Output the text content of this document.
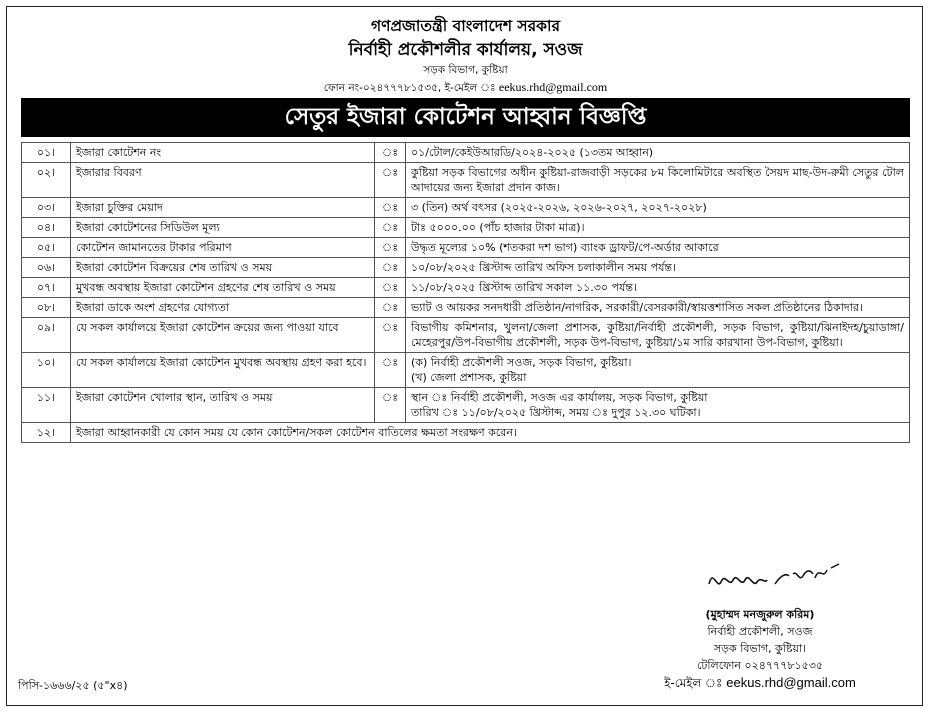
গণপ্রজাতন্ত্রী বাংলাদেশ সরকার
নির্বাহী প্রকৌশলীর কার্যালয়, সওজ
সড়ক বিভাগ, কুষ্টিয়া
ফোন নং-০২৪৭৭৭৮১৫৩৫, ই-মেইল ঃ eekus.rhd@gmail.com
সেতুর ইজারা কোটেশন আহ্বান বিজ্ঞপ্তি
০১।	ইজারা কোটেশন নং	ঃ	০১/টোল/কেইউআরডি/২০২৪-২০২৫ (১৩তম আহ্বান)

০২।	ইজারার বিবরণ	ঃ	কুষ্টিয়া সড়ক বিভাগের অধীন কুষ্টিয়া-রাজবাড়ী সড়কের ৮ম কিলোমিটারে অবস্থিত সৈয়দ মাছ-উদ-রুমী সেতুর টোল আদায়ের জন্য ইজারা প্রদান কাজ।

০৩।	ইজারা চুক্তির মেয়াদ	ঃ	৩ (তিন) অর্থ বৎসর (২০২৫-২০২৬, ২০২৬-২০২৭, ২০২৭-২০২৮)

০৪।	ইজারা কোটেশনের সিডিউল মূল্য	ঃ	টাঃ ৫০০০.০০ (পাঁচ হাজার টাকা মাত্র)।

০৫।	কোটেশন জামানতের টাকার পরিমাণ	ঃ	উদ্ধৃত মূল্যের ১০% (শতকরা দশ ভাগ) ব্যাংক ড্রাফট/পে-অর্ডার আকারে

০৬।	ইজারা কোটেশন বিক্রয়ের শেষ তারিখ ও সময়	ঃ	১০/০৮/২০২৫ খ্রিস্টাব্দ তারিখ অফিস চলাকালীন সময় পর্যন্ত।

০৭।	মুখবন্ধ অবস্থায় ইজারা কোটেশন গ্রহণের শেষ তারিখ ও সময়	ঃ	১১/০৮/২০২৫ খ্রিস্টাব্দ তারিখ সকাল ১১.৩০ পর্যন্ত।

০৮।	ইজারা ডাকে অংশ গ্রহণের যোগ্যতা	ঃ	ভ্যাট ও আয়কর সনদধারী প্রতিষ্ঠান/নাগরিক, সরকারী/বেসরকারী/স্বায়ত্তশাসিত সকল প্রতিষ্ঠানের ঠিকাদার।

০৯।	যে সকল কার্যালয়ে ইজারা কোটেশন ক্রয়ের জন্য পাওয়া যাবে	ঃ	বিভাগীয় কমিশনার, খুলনা/জেলা প্রশাসক, কুষ্টিয়া/নির্বাহী প্রকৌশলী, সড়ক বিভাগ, কুষ্টিয়া/ঝিনাইদহ/চুয়াডাঙ্গা/মেহেরপুর/উপ-বিভাগীয় প্রকৌশলী, সড়ক উপ-বিভাগ, কুষ্টিয়া/১ম সারি কারখানা উপ-বিভাগ, কুষ্টিয়া।

১০।	যে সকল কার্যালয়ে ইজারা কোটেশন মুখবন্ধ অবস্থায় গ্রহণ করা হবে।	ঃ	(ক) নির্বাহী প্রকৌশলী সওজ, সড়ক বিভাগ, কুষ্টিয়া।
(খ) জেলা প্রশাসক, কুষ্টিয়া

১১।	ইজারা কোটেশন খোলার স্থান, তারিখ ও সময়	ঃ	স্থান ঃ নির্বাহী প্রকৌশলী, সওজ এর কার্যালয়, সড়ক বিভাগ, কুষ্টিয়া
তারিখ ঃ ১১/০৮/২০২৫ খ্রিস্টাব্দ, সময় ঃ দুপুর ১২.৩০ ঘটিকা।

১২।	ইজারা আহ্বানকারী যে কোন সময় যে কোন কোটেশন/সকল কোটেশন বাতিলের ক্ষমতা সংরক্ষণ করেন।		
(মুহাম্মদ মনজুরুল করিম)
নির্বাহী প্রকৌশলী, সওজ
সড়ক বিভাগ, কুষ্টিয়া।
টেলিফোন ০২৪৭৭৭৮১৫৩৫
ই-মেইল ঃ eekus.rhd@gmail.com
পিসি-১৬৬৬/২৫ (৫"x৪)
